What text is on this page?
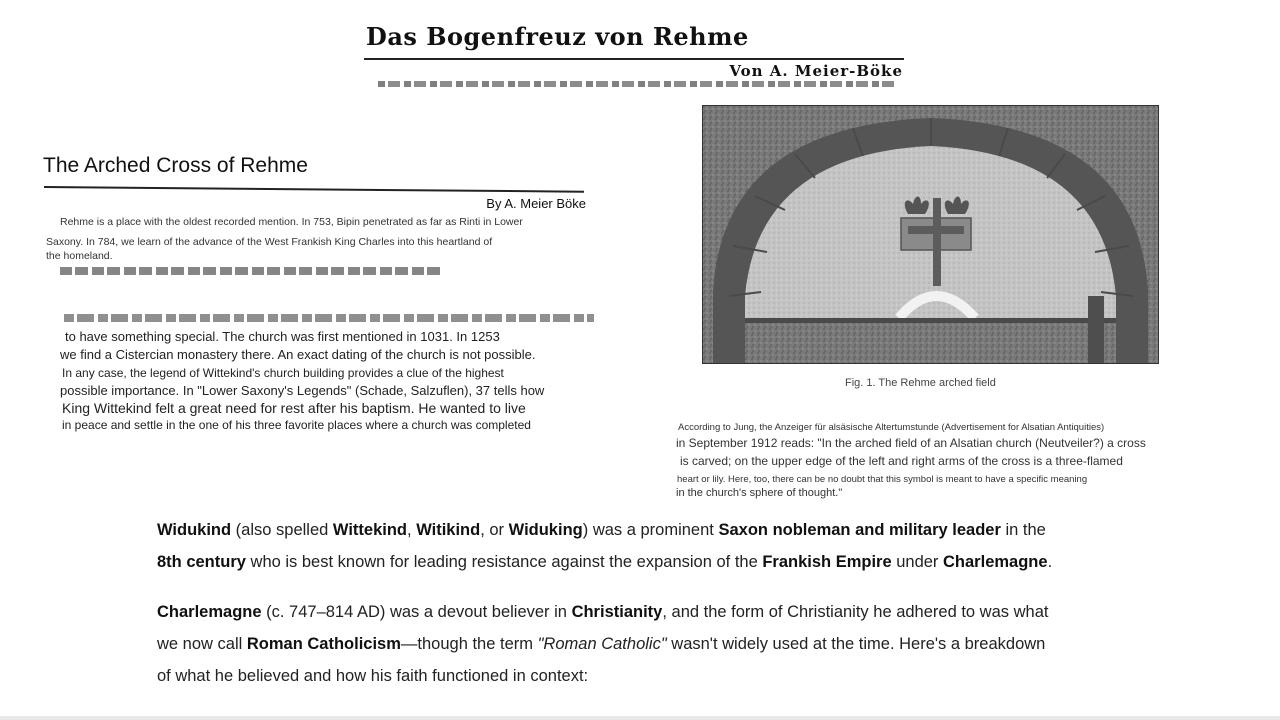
Das Bogenfreuz von Rehme
Von A. Meier-Böke
The Arched Cross of Rehme
By A. Meier Böke
Rehme is a place with the oldest recorded mention. In 753, Bipin penetrated as far as Rinti in Lower
Saxony. In 784, we learn of the advance of the West Frankish King Charles into this heartland of
the homeland.
to have something special. The church was first mentioned in 1031. In 1253
we find a Cistercian monastery there. An exact dating of the church is not possible.
In any case, the legend of Wittekind's church building provides a clue of the highest
possible importance. In "Lower Saxony's Legends" (Schade, Salzuflen), 37 tells how
King Wittekind felt a great need for rest after his baptism. He wanted to live
in peace and settle in the one of his three favorite places where a church was completed
Fig. 1. The Rehme arched field
According to Jung, the Anzeiger für alsäsische Altertumstunde (Advertisement for Alsatian Antiquities)
in September 1912 reads: "In the arched field of an Alsatian church (Neutveiler?) a cross
is carved; on the upper edge of the left and right arms of the cross is a three-flamed
heart or lily. Here, too, there can be no doubt that this symbol is meant to have a specific meaning
in the church's sphere of thought."

Widukind (also spelled Wittekind, Witikind, or Widuking) was a prominent Saxon nobleman and military leader in the 8th century who is best known for leading resistance against the expansion of the Frankish Empire under Charlemagne.

Charlemagne (c. 747–814 AD) was a devout believer in Christianity, and the form of Christianity he adhered to was what we now call Roman Catholicism—though the term "Roman Catholic" wasn't widely used at the time. Here's a breakdown of what he believed and how his faith functioned in context:
